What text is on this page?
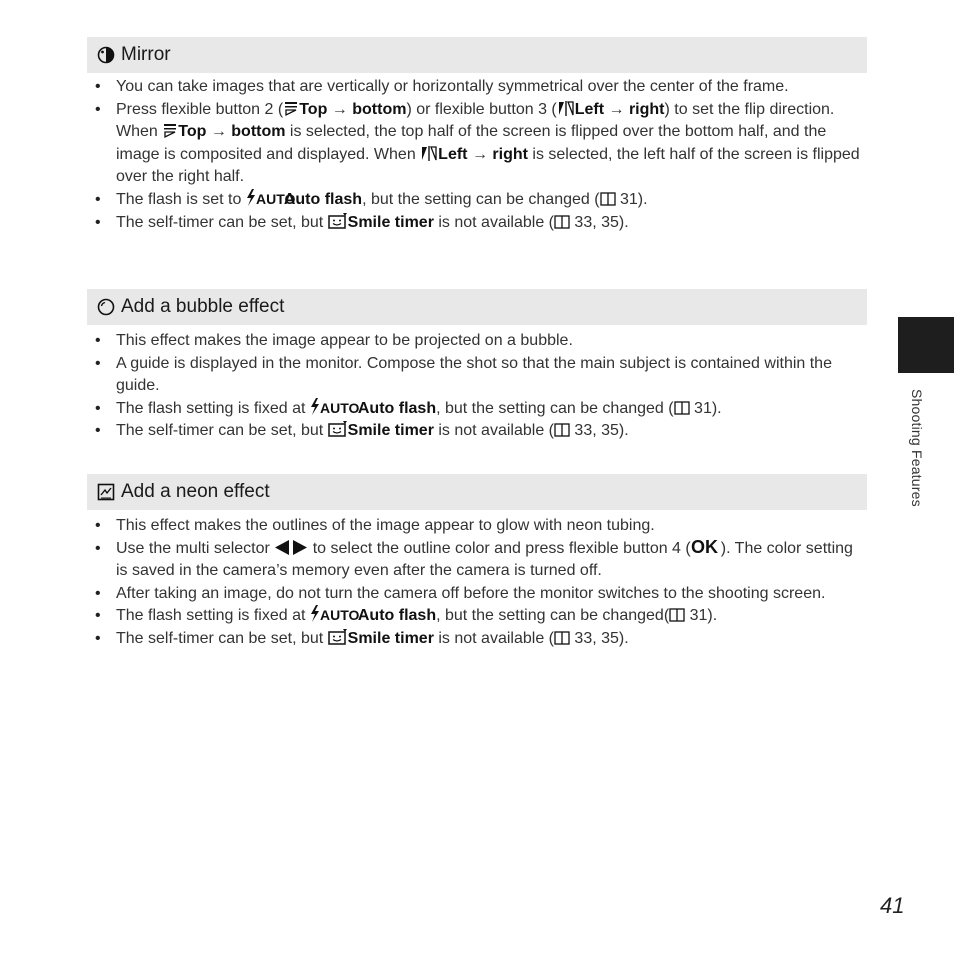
Mirror
• You can take images that are vertically or horizontally symmetrical over the center of the frame.
• Press flexible button 2 ( Top → bottom) or flexible button 3 ( Left → right) to set the flip direction.
When
Top → bottom is selected, the top half of the screen is flipped over the bottom half, and the image is composited and displayed. When
Left → right is selected, the left half of the screen is flipped over the right half.
• The flash is set to AUTO
Auto flash, but the setting can be changed (
31).
• The self-timer can be set, but
Smile timer is not available (
33, 35).
Add a bubble effect
• This effect makes the image appear to be projected on a bubble.
• A guide is displayed in the monitor. Compose the shot so that the main subject is contained within the guide.
• The flash setting is fixed at AUTO
Auto flash, but the setting can be changed (
31).
• The self-timer can be set, but
Smile timer is not available (
33, 35).
Add a neon effect
• This effect makes the outlines of the image appear to glow with neon tubing.
• Use the multi selector
to select the outline color and press flexible button 4 ( OK ). The color setting is saved in the camera’s memory even after the camera is turned off.
• After taking an image, do not turn the camera off before the monitor switches to the shooting screen.
• The flash setting is fixed at AUTO
Auto flash, but the setting can be changed(
31).
• The self-timer can be set, but
Smile timer is not available (
33, 35).
Shooting Features
41
